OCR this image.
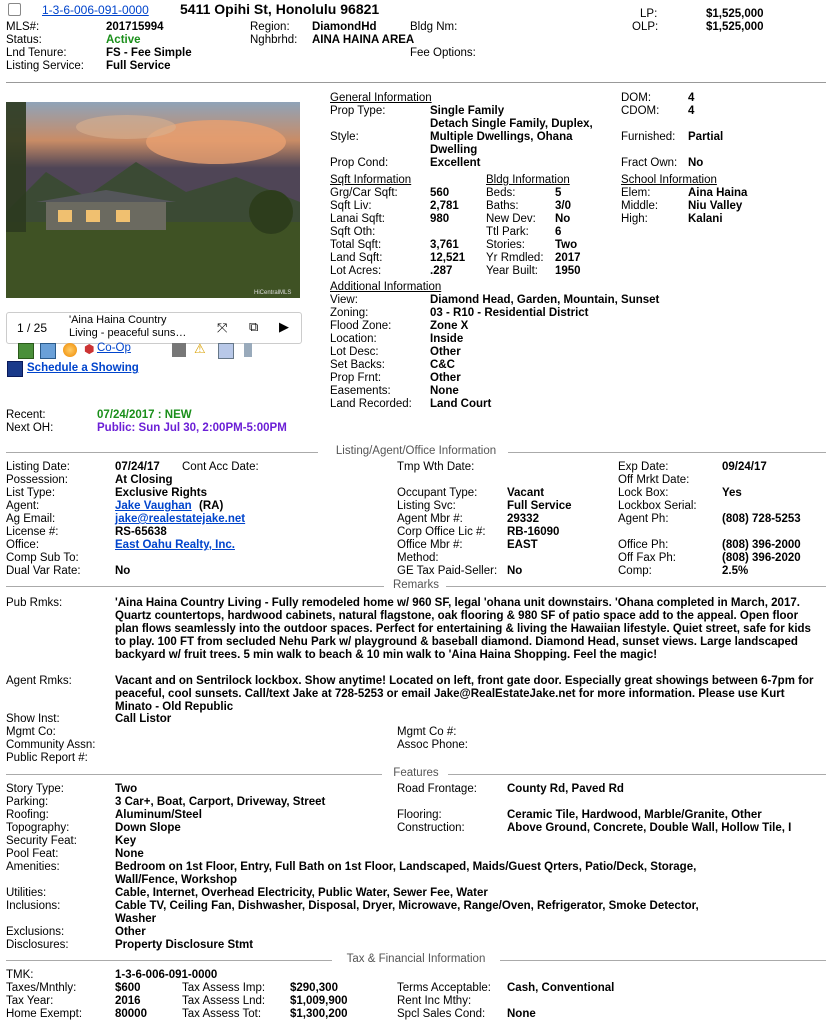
1-3-6-006-091-0000 5411 Opihi St, Honolulu 96821	LP:	$1,525,000
OLP:	$1,525,000
MLS#:	201715994
Status:	Active
Lnd Tenure:	FS - Fee Simple
Listing Service: Full Service
Region: DiamondHd	Bldg Nm:
Nghbrhd: AINA HAINA AREA
Fee Options:
HiCentralMLS
1 / 25
'Aina Haina Country
Living - peaceful suns… ⤧ ⧉ ▶
⬢ Co-Op	⚠
Schedule a Showing
Recent:	07/24/2017 : NEW
Next OH:	Public: Sun Jul 30, 2:00PM-5:00PM
General Information
Prop Type:	Single Family
Detach Single Family, Duplex,
Style:	Multiple Dwellings, Ohana
Dwelling
Prop Cond:	Excellent
DOM:	4
CDOM: 4
Furnished: Partial
Fract Own: No
Sqft Information
Grg/Car Sqft:	560
Sqft Liv:	2,781
Lanai Sqft:	980
Sqft Oth:
Total Sqft:	3,761
Land Sqft:	12,521
Lot Acres:	.287
Bldg Information
Beds:	5
Baths:	3/0
New Dev: No
Ttl Park: 6
Stories:	Two
Yr Rmdled: 2017
Year Built: 1950
School Information
Elem:	Aina Haina
Middle:	Niu Valley
High:	Kalani
Additional Information
View:	Diamond Head, Garden, Mountain, Sunset
Zoning:	03 - R10 - Residential District
Flood Zone:	Zone X
Location:	Inside
Lot Desc:	Other
Set Backs:	C&C
Prop Frnt:	Other
Easements:	None
Land Recorded: Land Court
Listing/Agent/Office Information
Listing Date:	07/24/17 Cont Acc Date:
Possession:	At Closing
List Type:	Exclusive Rights
Agent:	Jake Vaughan (RA)
Ag Email:	jake@realestatejake.net
License #:	RS-65638
Office:	East Oahu Realty, Inc.
Comp Sub To:
Dual Var Rate:	No
Tmp Wth Date:
Occupant Type:	Vacant
Listing Svc:	Full Service
Agent Mbr #:	29332
Corp Office Lic #: RB-16090
Office Mbr #:	EAST
Method:
GE Tax Paid-Seller: No
Exp Date:	09/24/17
Off Mrkt Date:
Lock Box:	Yes
Lockbox Serial:
Agent Ph:	(808) 728-5253
Office Ph:	(808) 396-2000
Off Fax Ph:	(808) 396-2020
Comp:	2.5%
Remarks
Pub Rmks:	'Aina Haina Country Living - Fully remodeled home w/ 960 SF, legal 'ohana unit downstairs. 'Ohana completed in March, 2017. Quartz countertops, hardwood cabinets, natural flagstone, oak flooring & 980 SF of patio space add to the appeal. Open floor plan flows seamlessly into the outdoor spaces. Perfect for entertaining & living the Hawaiian lifestyle. Quiet street, safe for kids to play. 100 FT from secluded Nehu Park w/ playground & baseball diamond. Diamond Head, sunset views. Large landscaped backyard w/ fruit trees. 5 min walk to beach & 10 min walk to 'Aina Haina Shopping. Feel the magic!
Agent Rmks:	Vacant and on Sentrilock lockbox. Show anytime! Located on left, front gate door. Especially great showings between 6-7pm for peaceful, cool sunsets. Call/text Jake at 728-5253 or email Jake@RealEstateJake.net for more information. Please use Kurt Minato - Old Republic
Show Inst:	Call Listor
Mgmt Co:	Mgmt Co #:
Community Assn:	Assoc Phone:
Public Report #:
Features
Story Type:	Two	Road Frontage:	County Rd, Paved Rd
Parking:	3 Car+, Boat, Carport, Driveway, Street
Roofing:	Aluminum/Steel	Flooring:	Ceramic Tile, Hardwood, Marble/Granite, Other
Topography:	Down Slope	Construction:	Above Ground, Concrete, Double Wall, Hollow Tile, I
Security Feat:	Key
Pool Feat:	None
Amenities:	Bedroom on 1st Floor, Entry, Full Bath on 1st Floor, Landscaped, Maids/Guest Qrters, Patio/Deck, Storage,
Wall/Fence, Workshop
Utilities:	Cable, Internet, Overhead Electricity, Public Water, Sewer Fee, Water
Inclusions:	Cable TV, Ceiling Fan, Dishwasher, Disposal, Dryer, Microwave, Range/Oven, Refrigerator, Smoke Detector,
Washer
Exclusions:	Other
Disclosures:	Property Disclosure Stmt
Tax & Financial Information
TMK:	1-3-6-006-091-0000
Taxes/Mnthly:	$600
Tax Year:	2016
Home Exempt:	80000
Tax Assess Imp: $290,300
Tax Assess Lnd: $1,009,900
Tax Assess Tot:	$1,300,200
Terms Acceptable: Cash, Conventional
Rent Inc Mthy:
Spcl Sales Cond: None
